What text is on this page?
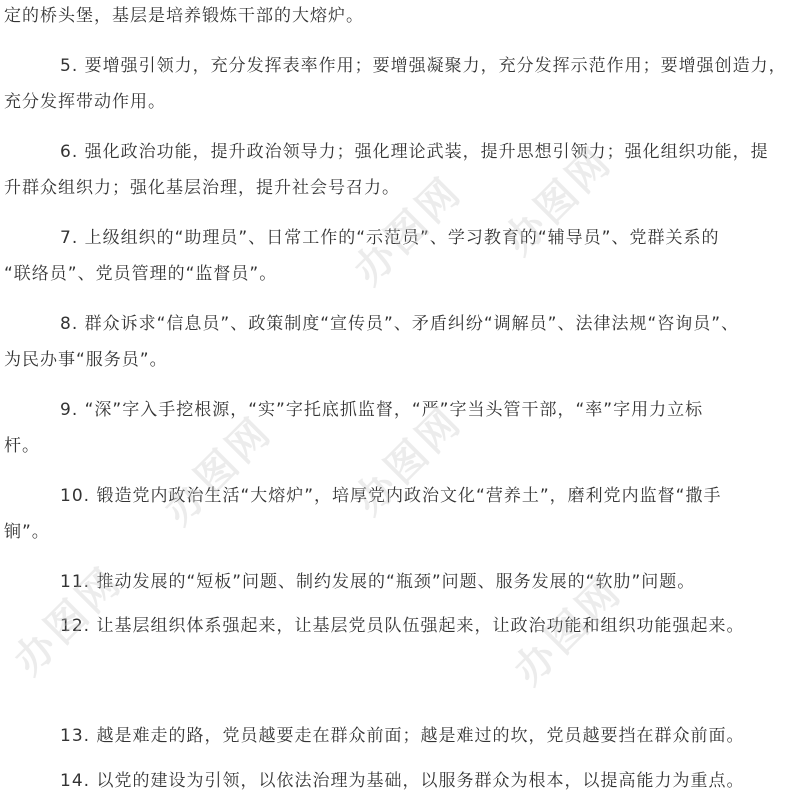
定的桥头堡，基层是培养锻炼干部的大熔炉。
5. 要增强引领力，充分发挥表率作用；要增强凝聚力，充分发挥示范作用；要增强创造力，
充分发挥带动作用。
6. 强化政治功能，提升政治领导力；强化理论武装，提升思想引领力；强化组织功能，提
升群众组织力；强化基层治理，提升社会号召力。
7. 上级组织的“助理员”、日常工作的“示范员”、学习教育的“辅导员”、党群关系的
“联络员”、党员管理的“监督员”。
8. 群众诉求“信息员”、政策制度“宣传员”、矛盾纠纷“调解员”、法律法规“咨询员”、
为民办事“服务员”。
9. “深”字入手挖根源，“实”字托底抓监督，“严”字当头管干部，“率”字用力立标
杆。
10. 锻造党内政治生活“大熔炉”，培厚党内政治文化“营养土”，磨利党内监督“撒手
锏”。
11. 推动发展的“短板”问题、制约发展的“瓶颈”问题、服务发展的“软肋”问题。
12. 让基层组织体系强起来，让基层党员队伍强起来，让政治功能和组织功能强起来。
13. 越是难走的路，党员越要走在群众前面；越是难过的坎，党员越要挡在群众前面。
14. 以党的建设为引领，以依法治理为基础，以服务群众为根本，以提高能力为重点。
办图网 办图网
办图网
办图网
办图网
办图网
